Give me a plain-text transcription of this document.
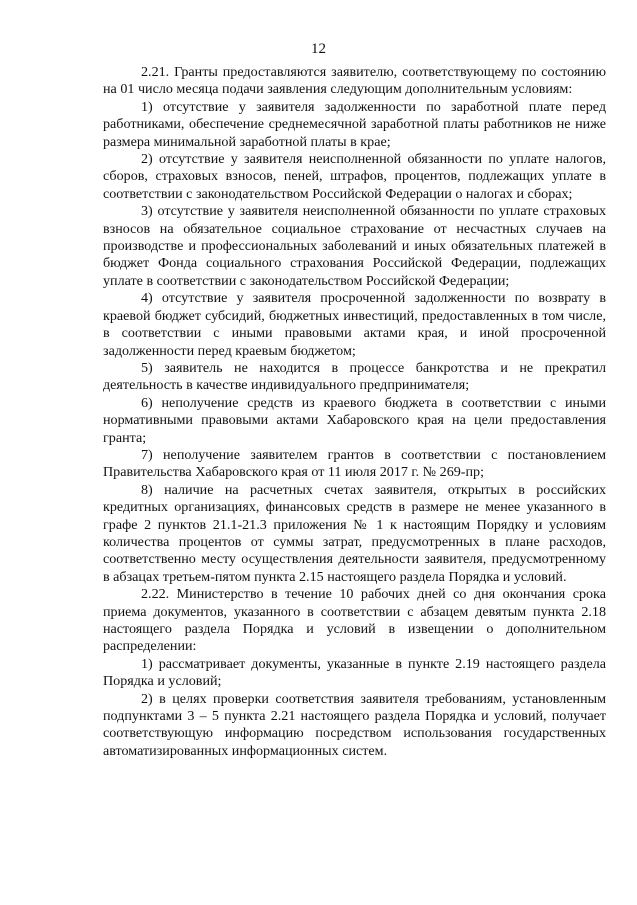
12

2.21. Гранты предоставляются заявителю, соответствующему по состоянию на 01 число месяца подачи заявления следующим дополнительным условиям:

1) отсутствие у заявителя задолженности по заработной плате перед работниками, обеспечение среднемесячной заработной платы работников не ниже размера минимальной заработной платы в крае;

2) отсутствие у заявителя неисполненной обязанности по уплате налогов, сборов, страховых взносов, пеней, штрафов, процентов, подлежащих уплате в соответствии с законодательством Российской Федерации о налогах и сборах;

3) отсутствие у заявителя неисполненной обязанности по уплате страховых взносов на обязательное социальное страхование от несчастных случаев на производстве и профессиональных заболеваний и иных обязательных платежей в бюджет Фонда социального страхования Российской Федерации, подлежащих уплате в соответствии с законодательством Российской Федерации;

4) отсутствие у заявителя просроченной задолженности по возврату в краевой бюджет субсидий, бюджетных инвестиций, предоставленных в том числе, в соответствии с иными правовыми актами края, и иной просроченной задолженности перед краевым бюджетом;

5) заявитель не находится в процессе банкротства и не прекратил деятельность в качестве индивидуального предпринимателя;

6) неполучение средств из краевого бюджета в соответствии с иными нормативными правовыми актами Хабаровского края на цели предоставления гранта;

7) неполучение заявителем грантов в соответствии с постановлением Правительства Хабаровского края от 11 июля 2017 г. № 269-пр;

8) наличие на расчетных счетах заявителя, открытых в российских кредитных организациях, финансовых средств в размере не менее указанного в графе 2 пунктов 21.1-21.3 приложения № 1 к настоящим Порядку и условиям количества процентов от суммы затрат, предусмотренных в плане расходов, соответственно месту осуществления деятельности заявителя, предусмотренному в абзацах третьем-пятом пункта 2.15 настоящего раздела Порядка и условий.

2.22. Министерство в течение 10 рабочих дней со дня окончания срока приема документов, указанного в соответствии с абзацем девятым пункта 2.18 настоящего раздела Порядка и условий в извещении о дополнительном распределении:

1) рассматривает документы, указанные в пункте 2.19 настоящего раздела Порядка и условий;

2) в целях проверки соответствия заявителя требованиям, установленным подпунктами 3 – 5 пункта 2.21 настоящего раздела Порядка и условий, получает соответствующую информацию посредством использования государственных автоматизированных информационных систем.
